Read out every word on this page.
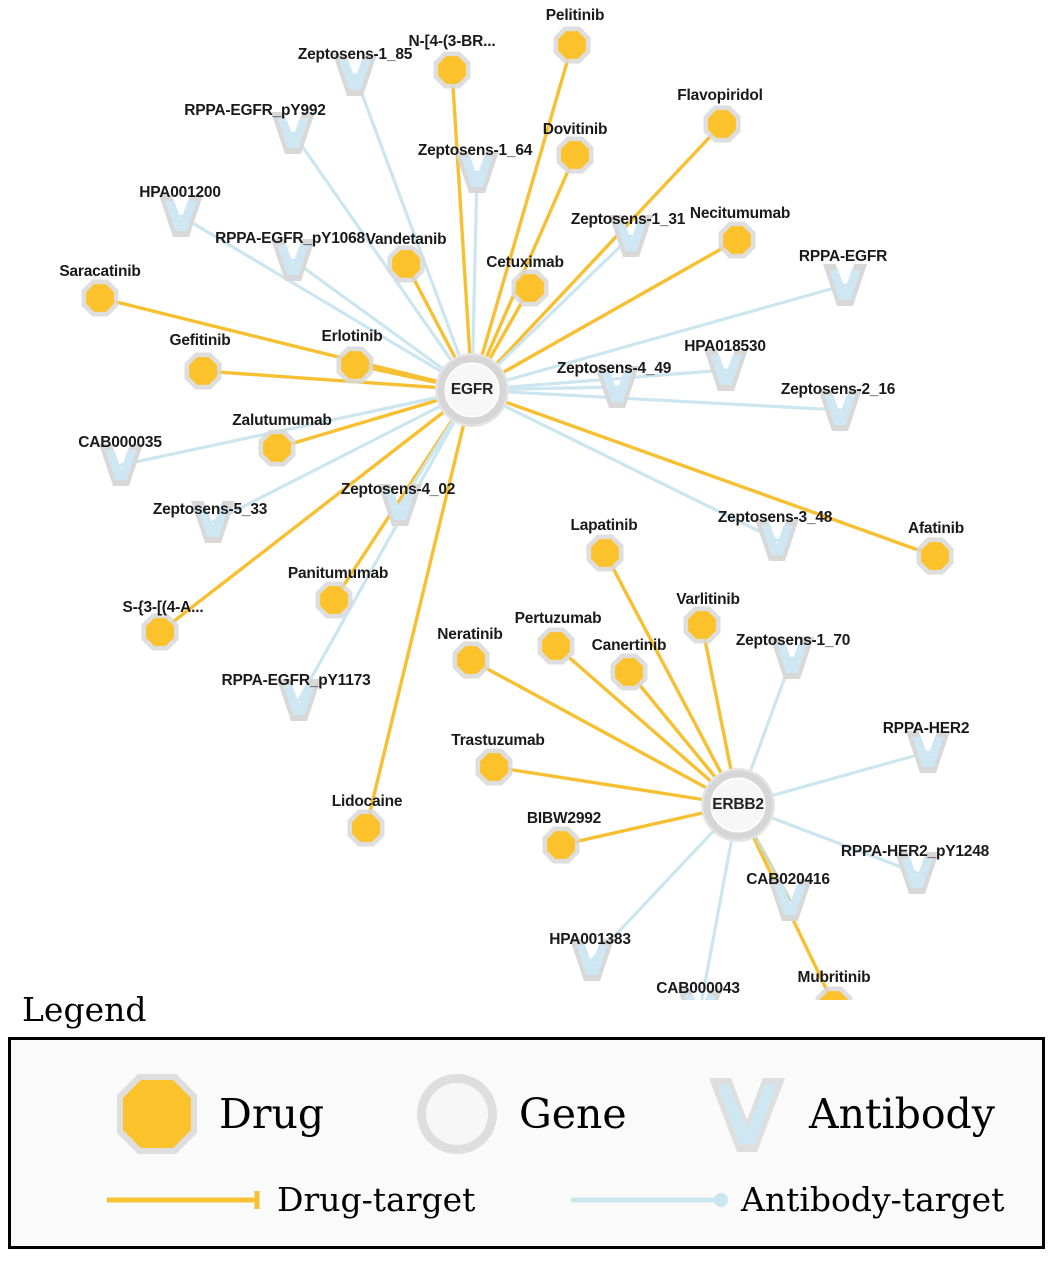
Pelitinib
N-[4-(3-BR...
Flavopiridol
Dovitinib
Necitumumab
Vandetanib
Cetuximab
Saracatinib
Gefitinib	Erlotinib
Zalutumumab
Afatinib
Lapatinib
Varlitinib
Panitumumab
S-{3-[(4-A...
Pertuzumab
Neratinib
Canertinib
Trastuzumab
Lidocaine
BIBW2992
Mubritinib
Zeptosens-1_85
RPPA-EGFR_pY992
Zeptosens-1_64
HPA001200
Zeptosens-1_31
RPPA-EGFR_pY1068
RPPA-EGFR
HPA018530
Zeptosens-4_49
Zeptosens-2_16
CAB000035
Zeptosens-5_33
Zeptosens-4_02
Zeptosens-3_48
Zeptosens-1_70
RPPA-EGFR_pY1173
RPPA-HER2
RPPA-HER2_pY1248
CAB020416
HPA001383
CAB000043
EGFR
ERBB2
Legend
Drug	Gene	Antibody
Drug-target	Antibody-target
